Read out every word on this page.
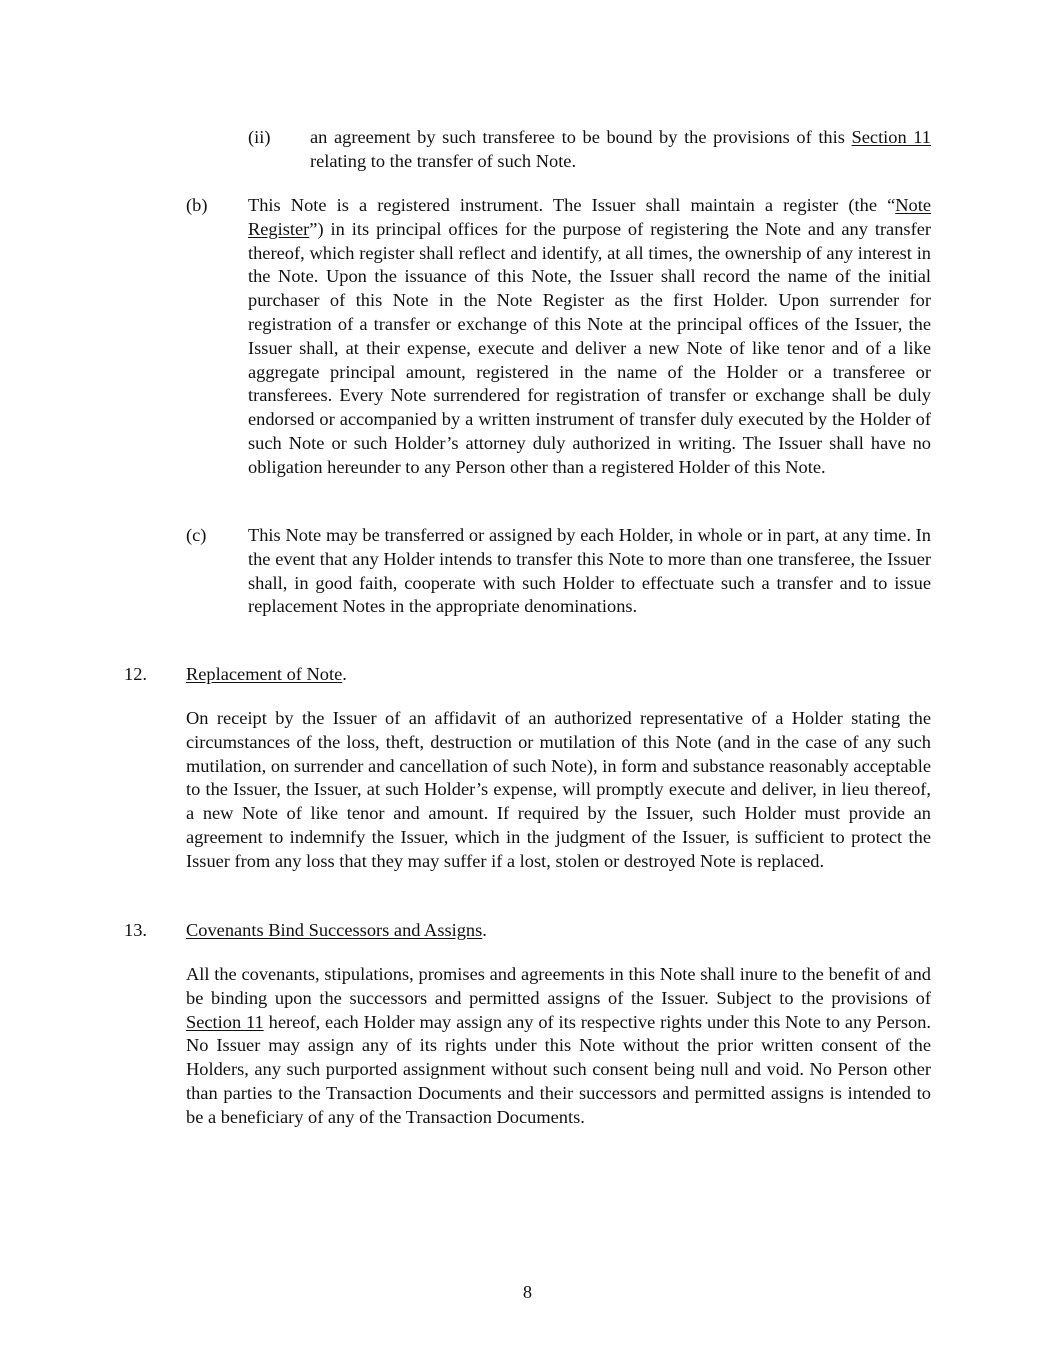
(ii) an agreement by such transferee to be bound by the provisions of this Section 11 relating to the transfer of such Note.
(b) This Note is a registered instrument. The Issuer shall maintain a register (the “Note Register”) in its principal offices for the purpose of registering the Note and any transfer thereof, which register shall reflect and identify, at all times, the ownership of any interest in the Note. Upon the issuance of this Note, the Issuer shall record the name of the initial purchaser of this Note in the Note Register as the first Holder. Upon surrender for registration of a transfer or exchange of this Note at the principal offices of the Issuer, the Issuer shall, at their expense, execute and deliver a new Note of like tenor and of a like aggregate principal amount, registered in the name of the Holder or a transferee or transferees. Every Note surrendered for registration of transfer or exchange shall be duly endorsed or accompanied by a written instrument of transfer duly executed by the Holder of such Note or such Holder’s attorney duly authorized in writing. The Issuer shall have no obligation hereunder to any Person other than a registered Holder of this Note.
(c) This Note may be transferred or assigned by each Holder, in whole or in part, at any time. In the event that any Holder intends to transfer this Note to more than one transferee, the Issuer shall, in good faith, cooperate with such Holder to effectuate such a transfer and to issue replacement Notes in the appropriate denominations.
12. Replacement of Note.
On receipt by the Issuer of an affidavit of an authorized representative of a Holder stating the circumstances of the loss, theft, destruction or mutilation of this Note (and in the case of any such mutilation, on surrender and cancellation of such Note), in form and substance reasonably acceptable to the Issuer, the Issuer, at such Holder’s expense, will promptly execute and deliver, in lieu thereof, a new Note of like tenor and amount. If required by the Issuer, such Holder must provide an agreement to indemnify the Issuer, which in the judgment of the Issuer, is sufficient to protect the Issuer from any loss that they may suffer if a lost, stolen or destroyed Note is replaced.
13. Covenants Bind Successors and Assigns.
All the covenants, stipulations, promises and agreements in this Note shall inure to the benefit of and be binding upon the successors and permitted assigns of the Issuer. Subject to the provisions of Section 11 hereof, each Holder may assign any of its respective rights under this Note to any Person. No Issuer may assign any of its rights under this Note without the prior written consent of the Holders, any such purported assignment without such consent being null and void. No Person other than parties to the Transaction Documents and their successors and permitted assigns is intended to be a beneficiary of any of the Transaction Documents.
8
